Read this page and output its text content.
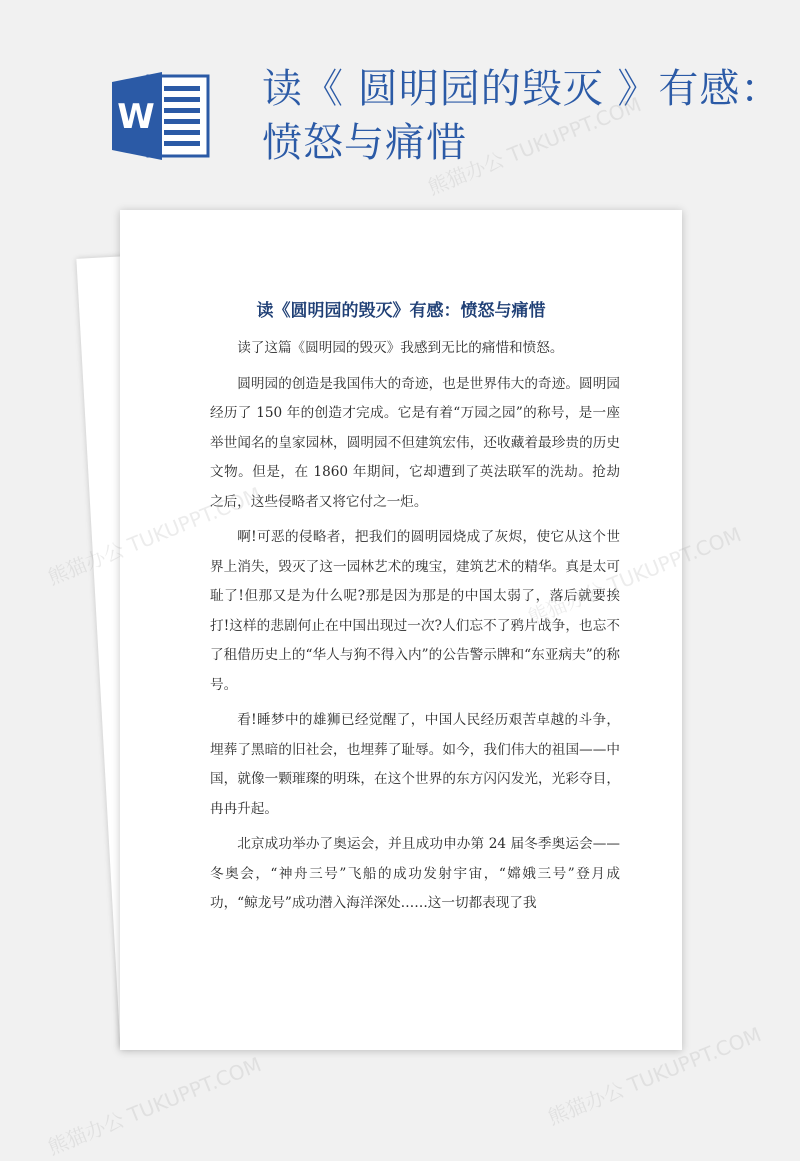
W
读《 圆明园的毁灭 》有感：愤怒与痛惜
读《圆明园的毁灭》有感：愤怒与痛惜

读了这篇《圆明园的毁灭》我感到无比的痛惜和愤怒。

圆明园的创造是我国伟大的奇迹，也是世界伟大的奇迹。圆明园经历了 150 年的创造才完成。它是有着“万园之园”的称号，是一座举世闻名的皇家园林，圆明园不但建筑宏伟，还收藏着最珍贵的历史文物。但是，在 1860 年期间，它却遭到了英法联军的洗劫。抢劫之后，这些侵略者又将它付之一炬。

啊!可恶的侵略者，把我们的圆明园烧成了灰烬，使它从这个世界上消失，毁灭了这一园林艺术的瑰宝，建筑艺术的精华。真是太可耻了!但那又是为什么呢?那是因为那是的中国太弱了，落后就要挨打!这样的悲剧何止在中国出现过一次?人们忘不了鸦片战争，也忘不了租借历史上的“华人与狗不得入内”的公告警示牌和“东亚病夫”的称号。

看!睡梦中的雄狮已经觉醒了，中国人民经历艰苦卓越的斗争，埋葬了黑暗的旧社会，也埋葬了耻辱。如今，我们伟大的祖国——中国，就像一颗璀璨的明珠，在这个世界的东方闪闪发光，光彩夺目，冉冉升起。

北京成功举办了奥运会，并且成功申办第 24 届冬季奥运会——冬奥会，“神舟三号”飞船的成功发射宇宙，“嫦娥三号”登月成功，“鲸龙号”成功潜入海洋深处……这一切都表现了我

熊猫办公 TUKUPPT.COM
熊猫办公
熊猫办公 TUKUPPT.COM	熊猫办公 TUKUPPT.COM
